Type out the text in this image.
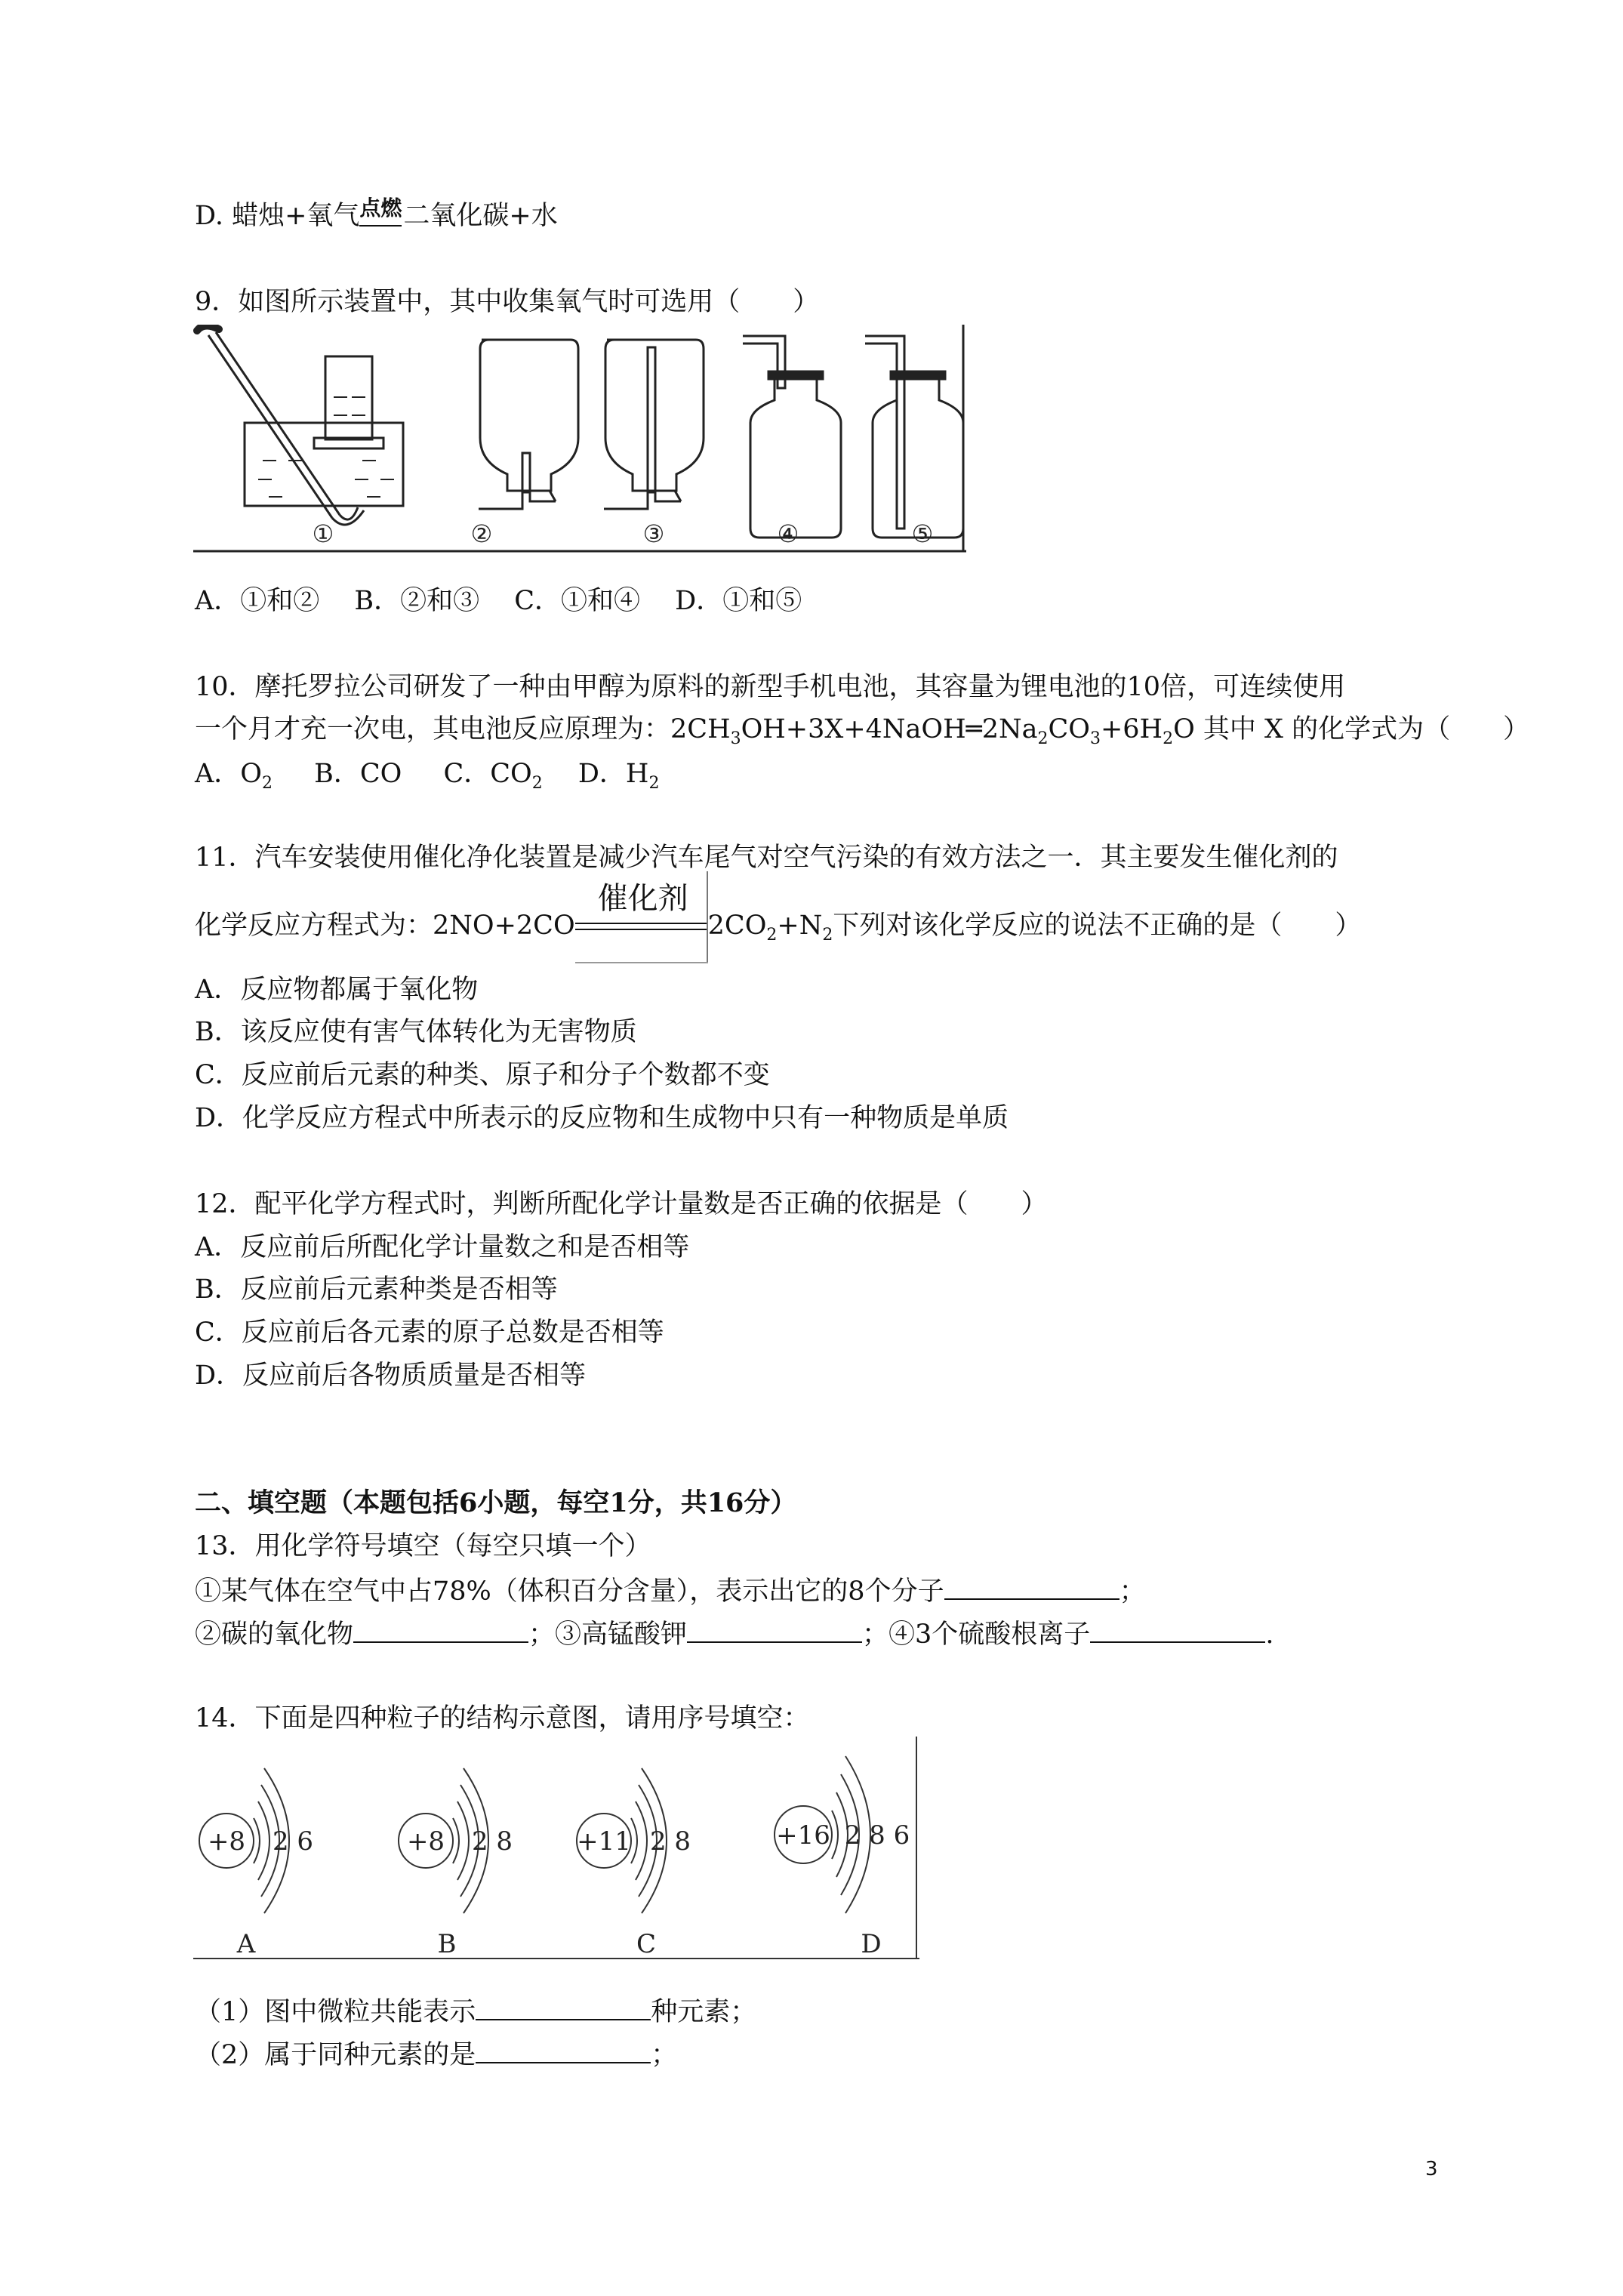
D. 蜡烛+氧气 点燃 二氧化碳+水
9．如图所示装置中，其中收集氧气时可选用（　　）
①	②	③	④	⑤
A．①和②　 B．②和③　 C．①和④　 D．①和⑤
10．摩托罗拉公司研发了一种由甲醇为原料的新型手机电池，其容量为锂电池的10倍，可连续使用
一个月才充一次电，其电池反应原理为：$2CH_3OH+3X+4NaOH═2Na_2CO_3+6H_2O$ 其中 X 的化学式为（　　）
A．$O_2$ B．CO C．$CO_2$ D．$H_2$
11．汽车安装使用催化净化装置是减少汽车尾气对空气污染的有效方法之一．其主要发生催化剂的
化学反应方程式为：2NO+2CO
催化剂
$2CO_2+N_2$下列对该化学反应的说法不正确的是（　　）
A．反应物都属于氧化物
B．该反应使有害气体转化为无害物质
C．反应前后元素的种类、原子和分子个数都不变
D．化学反应方程式中所表示的反应物和生成物中只有一种物质是单质
12．配平化学方程式时，判断所配化学计量数是否正确的依据是（　　）
A．反应前后所配化学计量数之和是否相等
B．反应前后元素种类是否相等
C．反应前后各元素的原子总数是否相等
D．反应前后各物质质量是否相等
二、填空题（本题包括6小题，每空1分，共16分）
13．用化学符号填空（每空只填一个）
①某气体在空气中占78%（体积百分含量），表示出它的8个分子	；
②碳的氧化物	；③高锰酸钾	；④3个硫酸根离子	.
14．下面是四种粒子的结构示意图，请用序号填空：
+8 2 6	+8 2 8	+11 2 8	+16 2 8 6
A	B	C	D
（1）图中微粒共能表示	种元素；
（2）属于同种元素的是	；
3
